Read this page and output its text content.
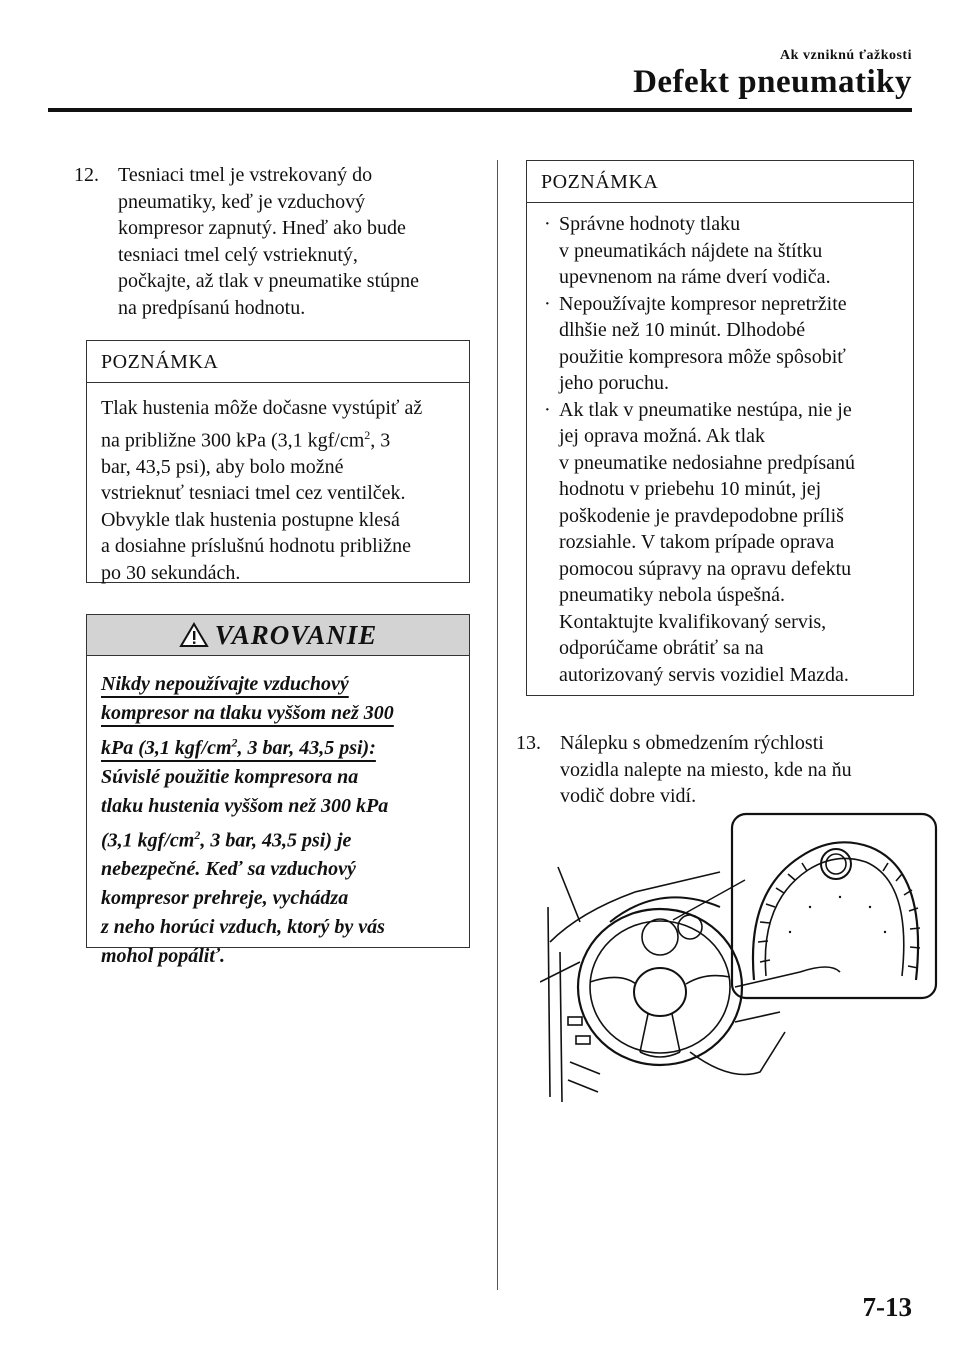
Ak vzniknú ťažkosti
Defekt pneumatiky
12. Tesniaci tmel je vstrekovaný do
pneumatiky, keď je vzduchový
kompresor zapnutý. Hneď ako bude
tesniaci tmel celý vstrieknutý,
počkajte, až tlak v pneumatike stúpne
na predpísanú hodnotu.
POZNÁMKA
Tlak hustenia môže dočasne vystúpiť až
na približne 300 kPa (3,1 kgf/$cm^2$, 3
bar, 43,5 psi), aby bolo možné
vstrieknuť tesniaci tmel cez ventilček.
Obvykle tlak hustenia postupne klesá
a dosiahne príslušnú hodnotu približne
po 30 sekundách.
VAROVANIE
Nikdy nepoužívajte vzduchový
kompresor na tlaku vyššom než 300
kPa (3,1 kgf/$cm^2$, 3 bar, 43,5 psi):
Súvislé použitie kompresora na
tlaku hustenia vyššom než 300 kPa
(3,1 kgf/$cm^2$, 3 bar, 43,5 psi) je
nebezpečné. Keď sa vzduchový
kompresor prehreje, vychádza
z neho horúci vzduch, ktorý by vás
mohol popáliť.
POZNÁMKA
· Správne hodnoty tlaku
v pneumatikách nájdete na štítku
upevnenom na ráme dverí vodiča.
· Nepoužívajte kompresor nepretržite
dlhšie než 10 minút. Dlhodobé
použitie kompresora môže spôsobiť
jeho poruchu.
· Ak tlak v pneumatike nestúpa, nie je
jej oprava možná. Ak tlak
v pneumatike nedosiahne predpísanú
hodnotu v priebehu 10 minút, jej
poškodenie je pravdepodobne príliš
rozsiahle. V takom prípade oprava
pomocou súpravy na opravu defektu
pneumatiky nebola úspešná.
Kontaktujte kvalifikovaný servis,
odporúčame obrátiť sa na
autorizovaný servis vozidiel Mazda.
13. Nálepku s obmedzením rýchlosti
vozidla nalepte na miesto, kde na ňu
vodič dobre vidí.
7-13
